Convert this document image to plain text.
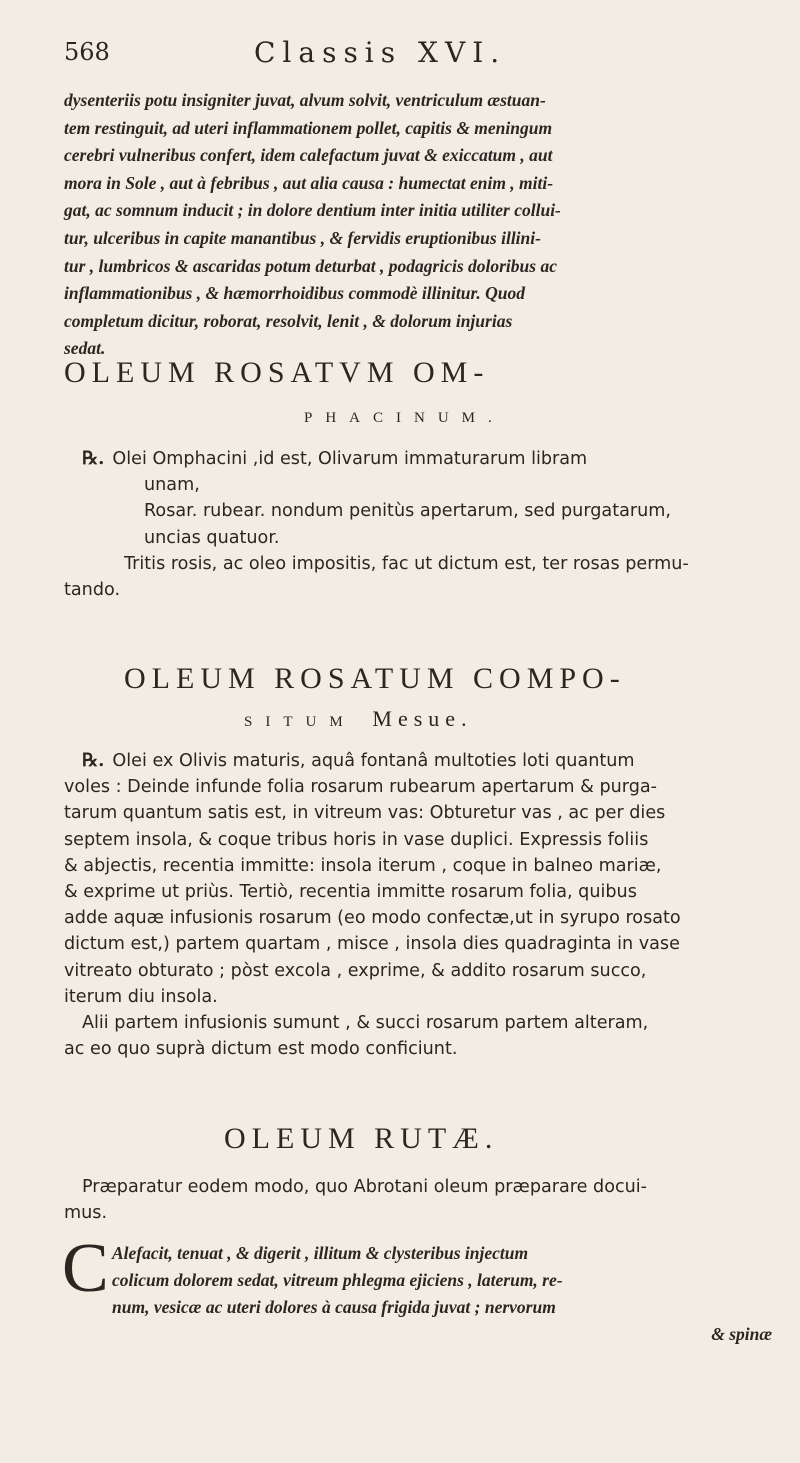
568	Classis XVI.
dysenteriis potu insigniter juvat, alvum solvit, ventriculum æstuan-
tem restinguit, ad uteri inflammationem pollet, capitis & meningum
cerebri vulneribus confert, idem calefactum juvat & exiccatum , aut
mora in Sole , aut à febribus , aut alia causa : humectat enim , miti-
gat, ac somnum inducit ; in dolore dentium inter initia utiliter collui-
tur, ulceribus in capite manantibus , & fervidis eruptionibus illini-
tur , lumbricos & ascaridas potum deturbat , podagricis doloribus ac
inflammationibus , & hæmorrhoidibus commodè illinitur. Quod
completum dicitur, roborat, resolvit, lenit , & dolorum injurias
sedat.
OLEUM ROSATVM OM-
PHACINUM.
℞. Olei Omphacini ,id est, Olivarum immaturarum libram
unam,
Rosar. rubear. nondum penitùs apertarum, sed purgatarum,
uncias quatuor.
Tritis rosis, ac oleo impositis, fac ut dictum est, ter rosas permu-
tando.
OLEUM ROSATUM COMPO-
SITUM Mesue.
℞. Olei ex Olivis maturis, aquâ fontanâ multoties loti quantum
voles : Deinde infunde folia rosarum rubearum apertarum & purga-
tarum quantum satis est, in vitreum vas: Obturetur vas , ac per dies
septem insola, & coque tribus horis in vase duplici. Expressis foliis
& abjectis, recentia immitte: insola iterum , coque in balneo mariæ,
& exprime ut priùs. Tertiò, recentia immitte rosarum folia, quibus
adde aquæ infusionis rosarum (eo modo confectæ,ut in syrupo rosato
dictum est,) partem quartam , misce , insola dies quadraginta in vase
vitreato obturato ; pòst excola , exprime, & addito rosarum succo,
iterum diu insola.
Alii partem infusionis sumunt , & succi rosarum partem alteram,
ac eo quo suprà dictum est modo conficiunt.
OLEUM RUTÆ.
Præparatur eodem modo, quo Abrotani oleum præparare docui-
mus.
C Alefacit, tenuat , & digerit , illitum & clysteribus injectum
colicum dolorem sedat, vitreum phlegma ejiciens , laterum, re-
num, vesicæ ac uteri dolores à causa frigida juvat ; nervorum
& spinæ
